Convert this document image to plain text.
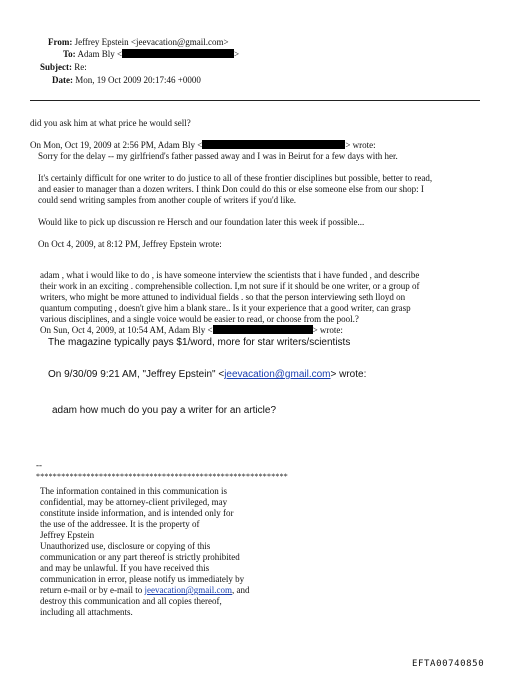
From: Jeffrey Epstein <jeevacation@gmail.com>
To: Adam Bly <	>
Subject: Re:
Date: Mon, 19 Oct 2009 20:17:46 +0000
did you ask him at what price he would sell?
On Mon, Oct 19, 2009 at 2:56 PM, Adam Bly <	> wrote:
Sorry for the delay -- my girlfriend's father passed away and I was in Beirut for a few days with her.
It's certainly difficult for one writer to do justice to all of these frontier disciplines but possible, better to read,
and easier to manager than a dozen writers. I think Don could do this or else someone else from our shop: I
could send writing samples from another couple of writers if you'd like.
Would like to pick up discussion re Hersch and our foundation later this week if possible...
On Oct 4, 2009, at 8:12 PM, Jeffrey Epstein wrote:
adam , what i would like to do , is have someone interview the scientists that i have funded , and describe
their work in an exciting . comprehensible collection. I,m not sure if it should be one writer, or a group of
writers, who might be more attuned to individual fields . so that the person interviewing seth lloyd on
quantum computing , doesn't give him a blank stare.. Is it your experience that a good writer, can grasp
various disciplines, and a single voice would be easier to read, or choose from the pool.?
On Sun, Oct 4, 2009, at 10:54 AM, Adam Bly <	> wrote:
The magazine typically pays $1/word, more for star writers/scientists
On 9/30/09 9:21 AM, "Jeffrey Epstein" <jeevacation@gmail.com> wrote:
adam how much do you pay a writer for an article?
--
************************************************************
The information contained in this communication is
confidential, may be attorney-client privileged, may
constitute inside information, and is intended only for
the use of the addressee. It is the property of
Jeffrey Epstein
Unauthorized use, disclosure or copying of this
communication or any part thereof is strictly prohibited
and may be unlawful. If you have received this
communication in error, please notify us immediately by
return e-mail or by e-mail to jeevacation@gmail.com, and
destroy this communication and all copies thereof,
including all attachments.
EFTA00740850
